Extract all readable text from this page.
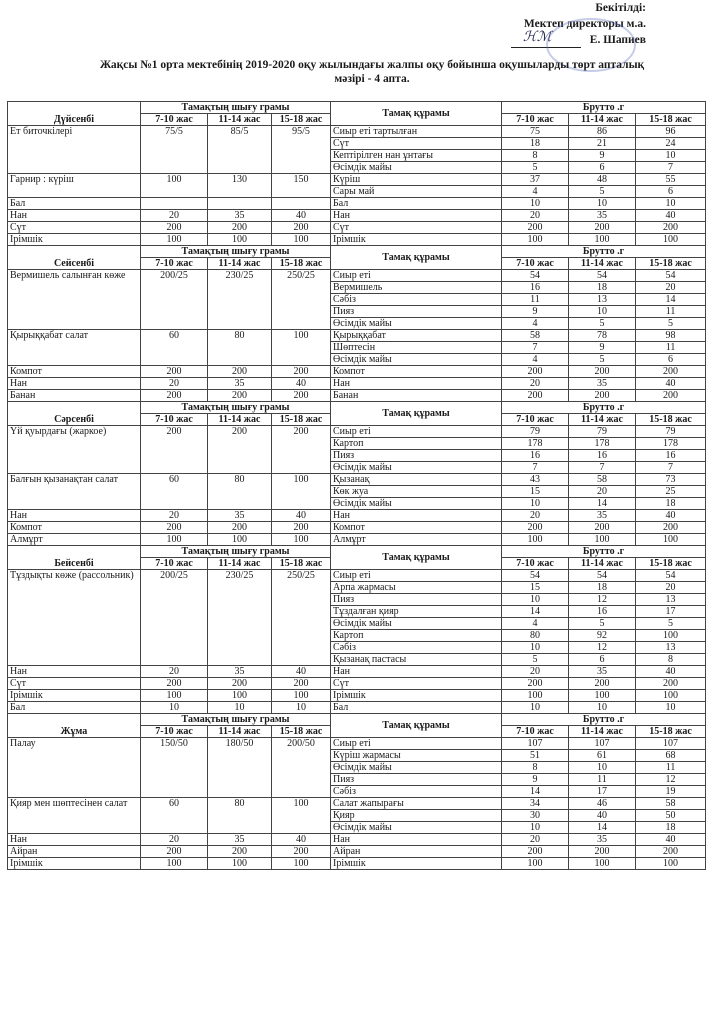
Бекітілді:
Мектеп директоры м.а.
ℋℳ	Е. Шапиев
Жақсы №1 орта мектебінің 2019-2020 оқу жылындағы жалпы оқу бойынша оқушыларды төрт апталық
мәзірі - 4 апта.
Дүйсенбі	Тамақтың шығу грамы			Тамақ құрамы	Брутто .г		
	7-10 жас	11-14 жас	15-18 жас		7-10 жас	11-14 жас	15-18 жас
Ет биточкілері	75/5	85/5	95/5	Сиыр еті тартылған	75	86	96
				Сүт	18	21	24
				Кептірілген нан ұнтағы	8	9	10
				Өсімдік майы	5	6	7
Гарнир : күріш	100	130	150	Күріш	37	48	55
				Сары май	4	5	6
Бал				Бал	10	10	10
Нан	20	35	40	Нан	20	35	40
Сүт	200	200	200	Сүт	200	200	200
Ірімшік	100	100	100	Ірімшік	100	100	100
Сейсенбі	Тамақтың шығу грамы			Тамақ құрамы	Брутто .г		
	7-10 жас	11-14 жас	15-18 жас		7-10 жас	11-14 жас	15-18 жас
Вермишель салынған көже	200/25	230/25	250/25	Сиыр еті	54	54	54
				Вермишель	16	18	20
				Сәбіз	11	13	14
				Пияз	9	10	11
				Өсімдік майы	4	5	5
Қырыққабат салат	60	80	100	Қырыққабат	58	78	98
				Шөптесін	7	9	11
				Өсімдік майы	4	5	6
Компот	200	200	200	Компот	200	200	200
Нан	20	35	40	Нан	20	35	40
Банан	200	200	200	Банан	200	200	200
Сәрсенбі	Тамақтың шығу грамы			Тамақ құрамы	Брутто .г		
	7-10 жас	11-14 жас	15-18 жас		7-10 жас	11-14 жас	15-18 жас
Үй қуырдағы (жаркое)	200	200	200	Сиыр еті	79	79	79
				Картоп	178	178	178
				Пияз	16	16	16
				Өсімдік майы	7	7	7
Балғын қызанақтан салат	60	80	100	Қызанақ	43	58	73
				Көк жуа	15	20	25
				Өсімдік майы	10	14	18
Нан	20	35	40	Нан	20	35	40
Компот	200	200	200	Компот	200	200	200
Алмұрт	100	100	100	Алмұрт	100	100	100
Бейсенбі	Тамақтың шығу грамы			Тамақ құрамы	Брутто .г		
	7-10 жас	11-14 жас	15-18 жас		7-10 жас	11-14 жас	15-18 жас
Тұздықты көже (рассольник)	200/25	230/25	250/25	Сиыр еті	54	54	54
				Арпа жармасы	15	18	20
				Пияз	10	12	13
				Тұздалған қияр	14	16	17
				Өсімдік майы	4	5	5
				Картоп	80	92	100
				Сәбіз	10	12	13
				Қызанақ пастасы	5	6	8
Нан	20	35	40	Нан	20	35	40
Сүт	200	200	200	Сүт	200	200	200
Ірімшік	100	100	100	Ірімшік	100	100	100
Бал	10	10	10	Бал	10	10	10
Жұма	Тамақтың шығу грамы			Тамақ құрамы	Брутто .г		
	7-10 жас	11-14 жас	15-18 жас		7-10 жас	11-14 жас	15-18 жас
Палау	150/50	180/50	200/50	Сиыр еті	107	107	107
				Күріш жармасы	51	61	68
				Өсімдік майы	8	10	11
				Пияз	9	11	12
				Сәбіз	14	17	19
Қияр мен шөптесінен салат	60	80	100	Салат жапырағы	34	46	58
				Қияр	30	40	50
				Өсімдік майы	10	14	18
Нан	20	35	40	Нан	20	35	40
Айран	200	200	200	Айран	200	200	200
Ірімшік	100	100	100	Ірімшік	100	100	100
